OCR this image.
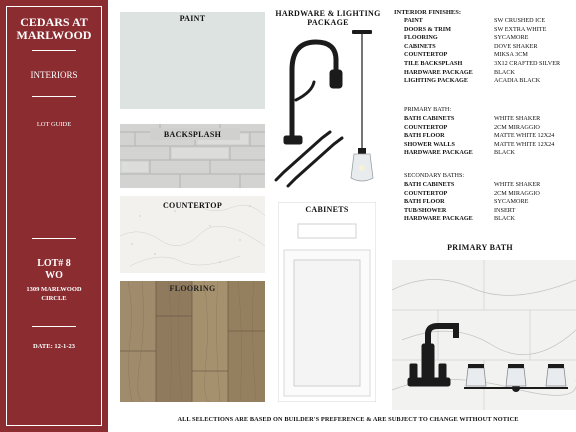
CEDARS AT MARLWOOD
INTERIORS
LOT GUIDE
LOT# 8
WO
1309 MARLWOOD CIRCLE
DATE: 12-1-23
PAINT
BACKSPLASH
COUNTERTOP
FLOORING
HARDWARE & LIGHTING PACKAGE
CABINETS
INTERIOR FINISHES:
PAINT	SW CRUSHED ICE
DOORS & TRIM	SW EXTRA WHITE
FLOORING	SYCAMORE
CABINETS	DOVE SHAKER
COUNTERTOP	MIKSA 3CM
TILE BACKSPLASH	3X12 CRAFTED SILVER
HARDWARE PACKAGE	BLACK
LIGHTING PACKAGE	ACADIA BLACK
PRIMARY BATH:
BATH CABINETS	WHITE SHAKER
COUNTERTOP	2CM MIRAGGIO
BATH FLOOR	MATTE WHITE 12X24
SHOWER WALLS	MATTE WHITE 12X24
HARDWARE PACKAGE	BLACK
SECONDARY BATHS:
BATH CABINETS	WHITE SHAKER
COUNTERTOP	2CM MIRAGGIO
BATH FLOOR	SYCAMORE
TUB/SHOWER	INSERT
HARDWARE PACKAGE	BLACK
PRIMARY BATH
ALL SELECTIONS ARE BASED ON BUILDER'S PREFERENCE & ARE SUBJECT TO CHANGE WITHOUT NOTICE
